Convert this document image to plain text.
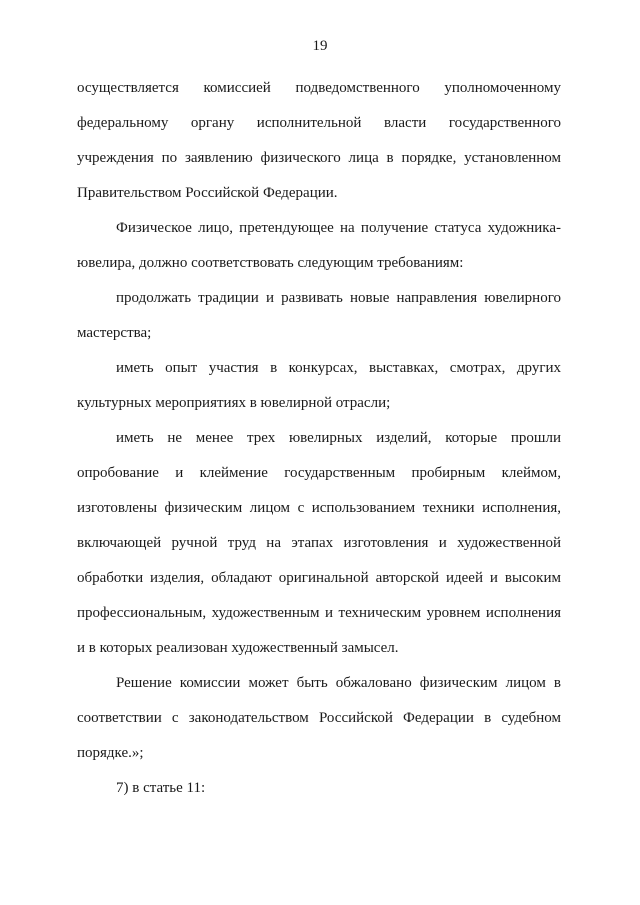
19

осуществляется комиссией подведомственного уполномоченному федеральному органу исполнительной власти государственного учреждения по заявлению физического лица в порядке, установленном Правительством Российской Федерации.

Физическое лицо, претендующее на получение статуса художника-ювелира, должно соответствовать следующим требованиям:

продолжать традиции и развивать новые направления ювелирного мастерства;

иметь опыт участия в конкурсах, выставках, смотрах, других культурных мероприятиях в ювелирной отрасли;

иметь не менее трех ювелирных изделий, которые прошли опробование и клеймение государственным пробирным клеймом, изготовлены физическим лицом с использованием техники исполнения, включающей ручной труд на этапах изготовления и художественной обработки изделия, обладают оригинальной авторской идеей и высоким профессиональным, художественным и техническим уровнем исполнения и в которых реализован художественный замысел.

Решение комиссии может быть обжаловано физическим лицом в соответствии с законодательством Российской Федерации в судебном порядке.»;

7) в статье 11:
